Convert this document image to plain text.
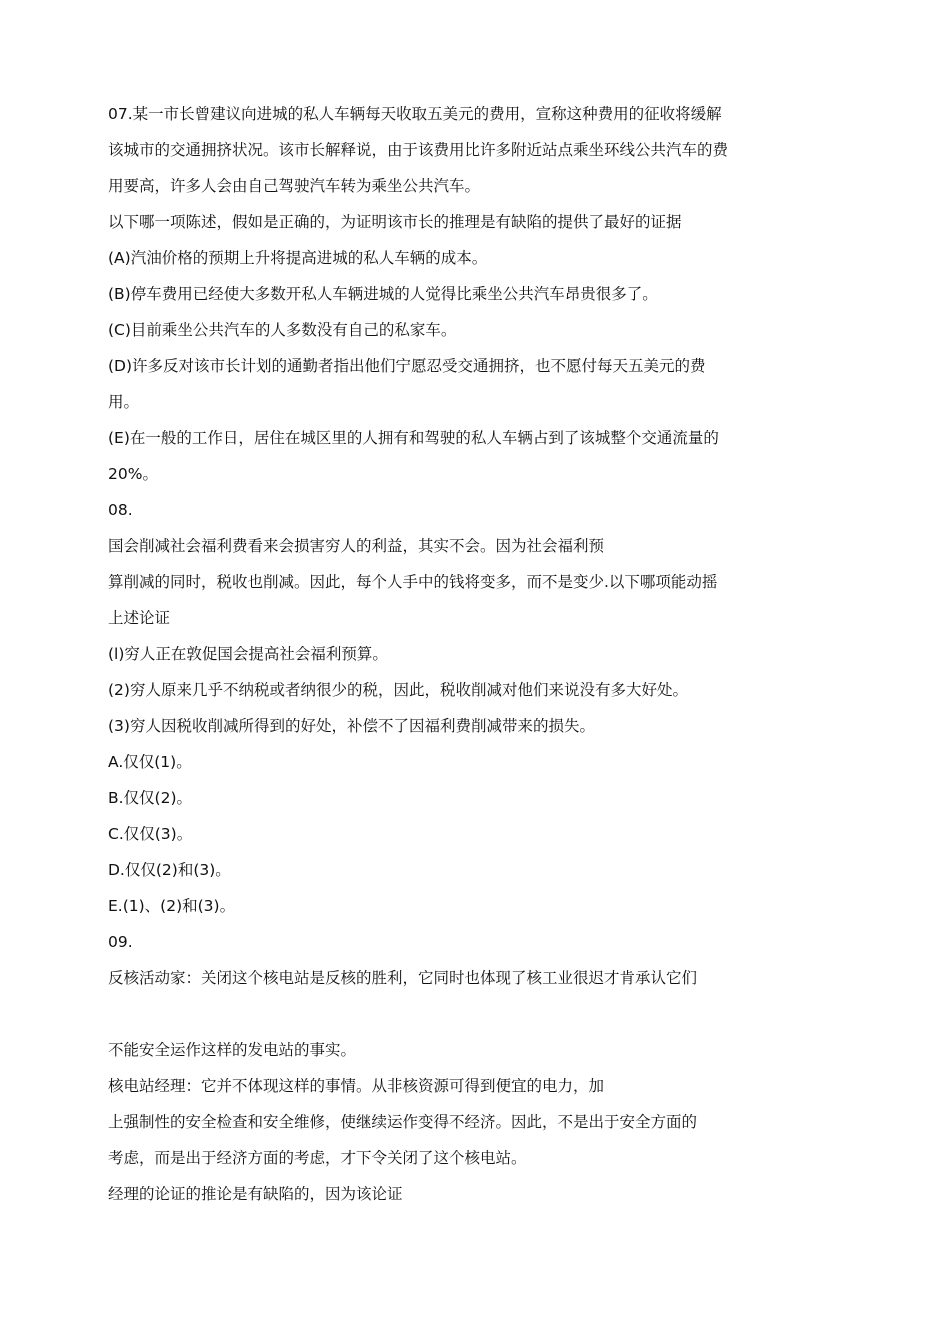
07.某一市长曾建议向进城的私人车辆每天收取五美元的费用，宣称这种费用的征收将缓解

该城市的交通拥挤状况。该市长解释说，由于该费用比许多附近站点乘坐环线公共汽车的费

用要高，许多人会由自己驾驶汽车转为乘坐公共汽车。

以下哪一项陈述，假如是正确的，为证明该市长的推理是有缺陷的提供了最好的证据

(A)汽油价格的预期上升将提高进城的私人车辆的成本。

(B)停车费用已经使大多数开私人车辆进城的人觉得比乘坐公共汽车昂贵很多了。

(C)目前乘坐公共汽车的人多数没有自己的私家车。

(D)许多反对该市长计划的通勤者指出他们宁愿忍受交通拥挤，也不愿付每天五美元的费

用。

(E)在一般的工作日，居住在城区里的人拥有和驾驶的私人车辆占到了该城整个交通流量的

20%。

08.

国会削减社会福利费看来会损害穷人的利益，其实不会。因为社会福利预

算削减的同时，税收也削减。因此，每个人手中的钱将变多，而不是变少.以下哪项能动摇

上述论证

(l)穷人正在敦促国会提高社会福利预算。

(2)穷人原来几乎不纳税或者纳很少的税，因此，税收削减对他们来说没有多大好处。

(3)穷人因税收削减所得到的好处，补偿不了因福利费削减带来的损失。

A.仅仅(1)。

B.仅仅(2)。

C.仅仅(3)。

D.仅仅(2)和(3)。

E.(1)、(2)和(3)。

09.

反核活动家：关闭这个核电站是反核的胜利，它同时也体现了核工业很迟才肯承认它们

不能安全运作这样的发电站的事实。

核电站经理：它并不体现这样的事情。从非核资源可得到便宜的电力，加

上强制性的安全检查和安全维修，使继续运作变得不经济。因此，不是出于安全方面的

考虑，而是出于经济方面的考虑，才下令关闭了这个核电站。

经理的论证的推论是有缺陷的，因为该论证
